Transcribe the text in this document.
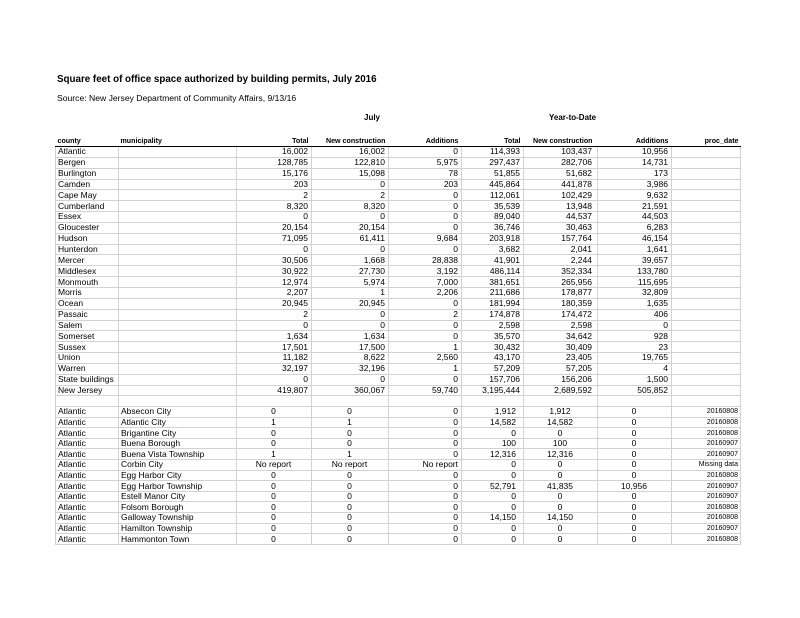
Square feet of office space authorized by building permits, July 2016
Source: New Jersey Department of Community Affairs, 9/13/16
July	Year-to-Date
county	municipality	Total	New construction	Additions	Total	New construction	Additions	proc_date
Atlantic		16,002	16,002	0	114,393	103,437	10,956	
Bergen		128,785	122,810	5,975	297,437	282,706	14,731	
Burlington		15,176	15,098	78	51,855	51,682	173	
Camden		203	0	203	445,864	441,878	3,986	
Cape May		2	2	0	112,061	102,429	9,632	
Cumberland		8,320	8,320	0	35,539	13,948	21,591	
Essex		0	0	0	89,040	44,537	44,503	
Gloucester		20,154	20,154	0	36,746	30,463	6,283	
Hudson		71,095	61,411	9,684	203,918	157,764	46,154	
Hunterdon		0	0	0	3,682	2,041	1,641	
Mercer		30,506	1,668	28,838	41,901	2,244	39,657	
Middlesex		30,922	27,730	3,192	486,114	352,334	133,780	
Monmouth		12,974	5,974	7,000	381,651	265,956	115,695	
Morris		2,207	1	2,206	211,686	178,877	32,809	
Ocean		20,945	20,945	0	181,994	180,359	1,635	
Passaic		2	0	2	174,878	174,472	406	
Salem		0	0	0	2,598	2,598	0	
Somerset		1,634	1,634	0	35,570	34,642	928	
Sussex		17,501	17,500	1	30,432	30,409	23	
Union		11,182	8,622	2,560	43,170	23,405	19,765	
Warren		32,197	32,196	1	57,209	57,205	4	
State buildings		0	0	0	157,706	156,206	1,500	
New Jersey		419,807	360,067	59,740	3,195,444	2,689,592	505,852	

Atlantic	Absecon City	0	0	0	1,912	1,912	0	20160808
Atlantic	Atlantic City	1	1	0	14,582	14,582	0	20160808
Atlantic	Brigantine City	0	0	0	0	0	0	20160808
Atlantic	Buena Borough	0	0	0	100	100	0	20160907
Atlantic	Buena Vista Township	1	1	0	12,316	12,316	0	20160907
Atlantic	Corbin City	No report	No report	No report	0	0	0	Missing data
Atlantic	Egg Harbor City	0	0	0	0	0	0	20160808
Atlantic	Egg Harbor Township	0	0	0	52,791	41,835	10,956	20160907
Atlantic	Estell Manor City	0	0	0	0	0	0	20160907
Atlantic	Folsom Borough	0	0	0	0	0	0	20160808
Atlantic	Galloway Township	0	0	0	14,150	14,150	0	20160808
Atlantic	Hamilton Township	0	0	0	0	0	0	20160907
Atlantic	Hammonton Town	0	0	0	0	0	0	20160808
